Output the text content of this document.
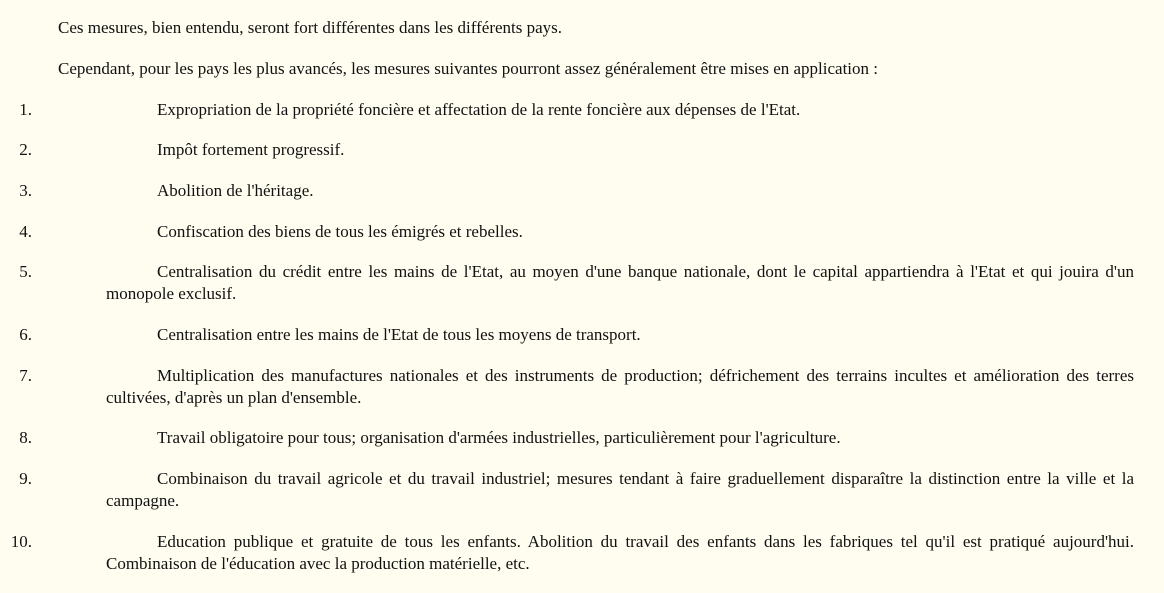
Ces mesures, bien entendu, seront fort différentes dans les différents pays.

Cependant, pour les pays les plus avancés, les mesures suivantes pourront assez généralement être mises en application :

1.	Expropriation de la propriété foncière et affectation de la rente foncière aux dépenses de l'Etat.

2.	Impôt fortement progressif.

3.	Abolition de l'héritage.

4.	Confiscation des biens de tous les émigrés et rebelles.

5.	Centralisation du crédit entre les mains de l'Etat, au moyen d'une banque nationale, dont le capital appartiendra à l'Etat et qui jouira d'un monopole exclusif.

6.	Centralisation entre les mains de l'Etat de tous les moyens de transport.

7.	Multiplication des manufactures nationales et des instruments de production; défrichement des terrains incultes et amélioration des terres cultivées, d'après un plan d'ensemble.

8.	Travail obligatoire pour tous; organisation d'armées industrielles, particulièrement pour l'agriculture.

9.	Combinaison du travail agricole et du travail industriel; mesures tendant à faire graduellement disparaître la distinction entre la ville et la campagne.

10.	Education publique et gratuite de tous les enfants. Abolition du travail des enfants dans les fabriques tel qu'il est pratiqué aujourd'hui. Combinaison de l'éducation avec la production matérielle, etc.
